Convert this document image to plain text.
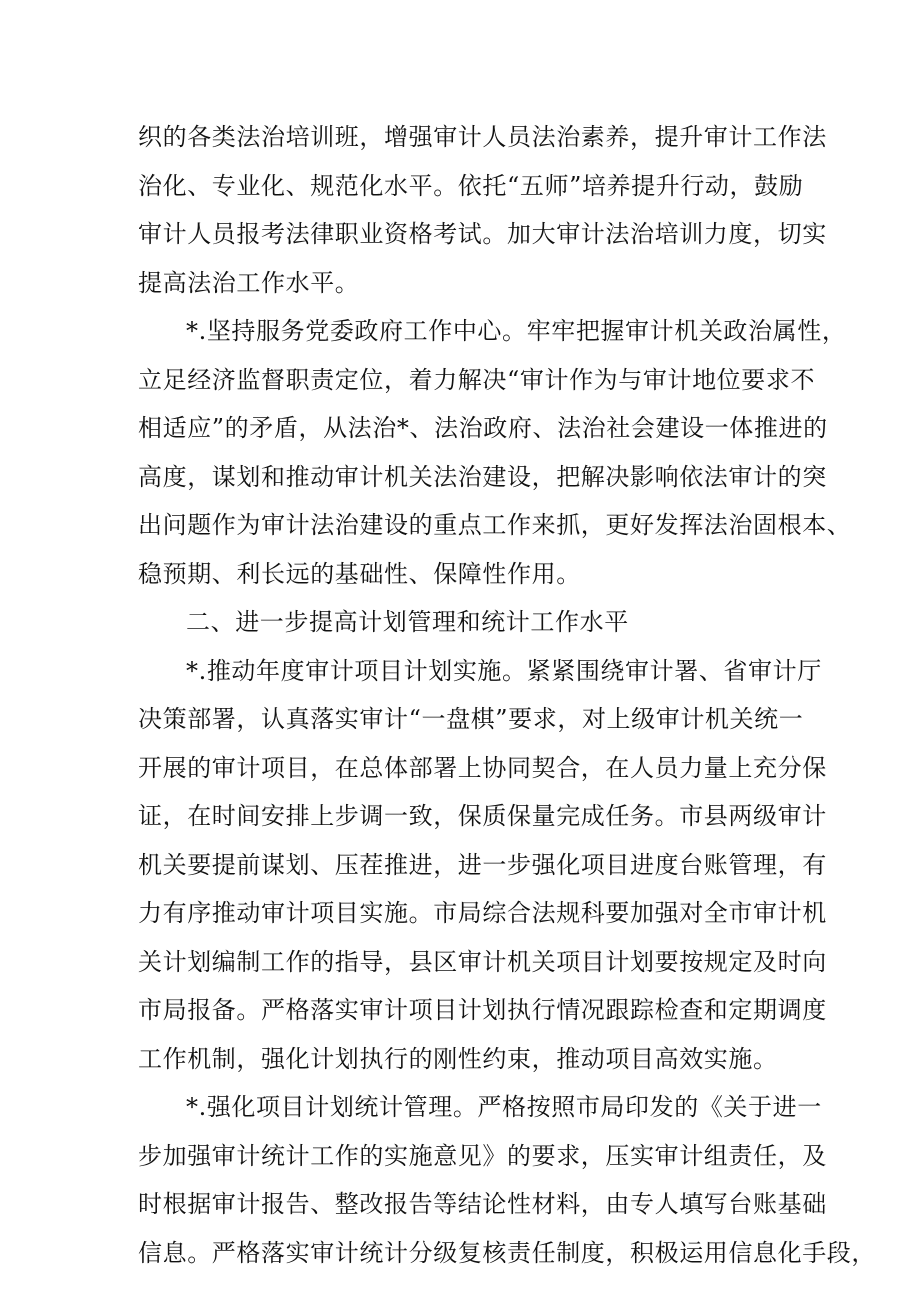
织的各类法治培训班，增强审计人员法治素养，提升审计工作法
治化、专业化、规范化水平。依托“五师”培养提升行动，鼓励
审计人员报考法律职业资格考试。加大审计法治培训力度，切实
提高法治工作水平。
*.坚持服务党委政府工作中心。牢牢把握审计机关政治属性，
立足经济监督职责定位，着力解决“审计作为与审计地位要求不
相适应”的矛盾，从法治*、法治政府、法治社会建设一体推进的
高度，谋划和推动审计机关法治建设，把解决影响依法审计的突
出问题作为审计法治建设的重点工作来抓，更好发挥法治固根本、
稳预期、利长远的基础性、保障性作用。
二、进一步提高计划管理和统计工作水平
*.推动年度审计项目计划实施。紧紧围绕审计署、省审计厅
决策部署，认真落实审计“一盘棋”要求，对上级审计机关统一
开展的审计项目，在总体部署上协同契合，在人员力量上充分保
证，在时间安排上步调一致，保质保量完成任务。市县两级审计
机关要提前谋划、压茬推进，进一步强化项目进度台账管理，有
力有序推动审计项目实施。市局综合法规科要加强对全市审计机
关计划编制工作的指导，县区审计机关项目计划要按规定及时向
市局报备。严格落实审计项目计划执行情况跟踪检查和定期调度
工作机制，强化计划执行的刚性约束，推动项目高效实施。
*.强化项目计划统计管理。严格按照市局印发的《关于进一
步加强审计统计工作的实施意见》的要求，压实审计组责任，及
时根据审计报告、整改报告等结论性材料，由专人填写台账基础
信息。严格落实审计统计分级复核责任制度，积极运用信息化手段，
